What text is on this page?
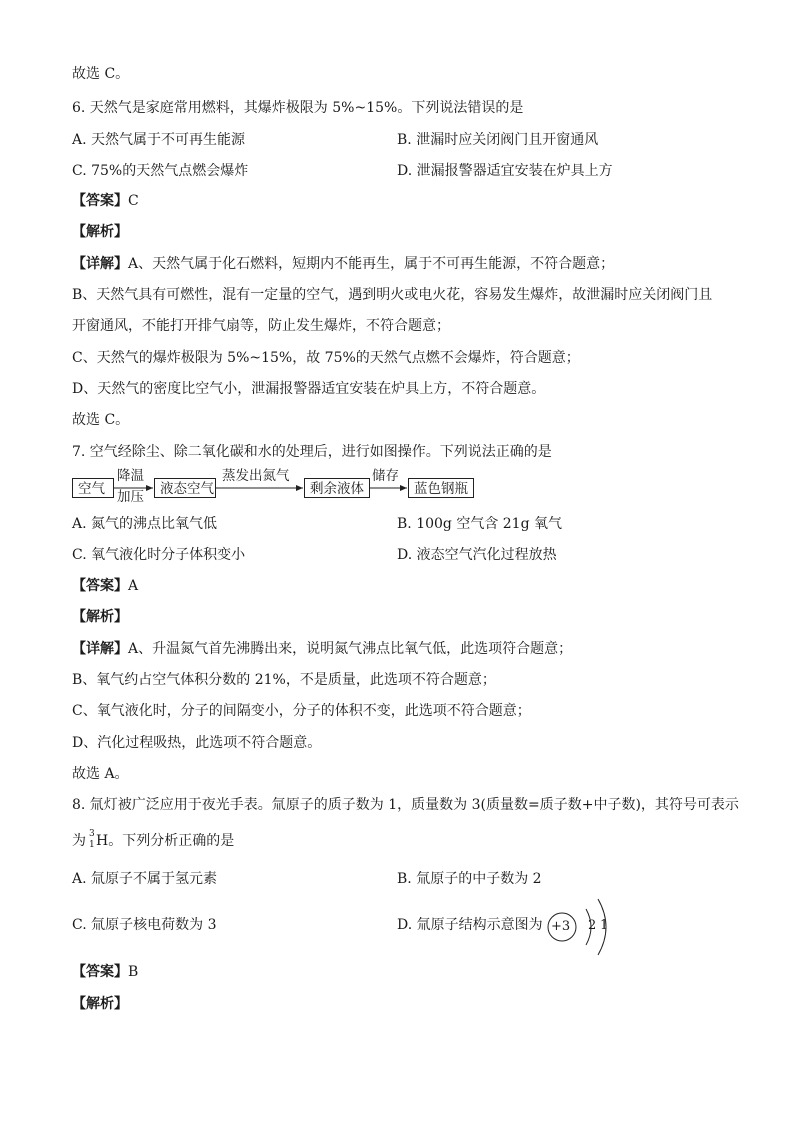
故选 C。
6. 天然气是家庭常用燃料，其爆炸极限为 5%~15%。下列说法错误的是
A. 天然气属于不可再生能源	B. 泄漏时应关闭阀门且开窗通风
C. 75%的天然气点燃会爆炸	D. 泄漏报警器适宜安装在炉具上方
【答案】C
【解析】
【详解】A、天然气属于化石燃料，短期内不能再生，属于不可再生能源，不符合题意；
B、天然气具有可燃性，混有一定量的空气，遇到明火或电火花，容易发生爆炸，故泄漏时应关闭阀门且
开窗通风，不能打开排气扇等，防止发生爆炸，不符合题意；
C、天然气的爆炸极限为 5%~15%，故 75%的天然气点燃不会爆炸，符合题意；
D、天然气的密度比空气小，泄漏报警器适宜安装在炉具上方，不符合题意。
故选 C。
7. 空气经除尘、除二氧化碳和水的处理后，进行如图操作。下列说法正确的是
空气
降温
加压	液态空气
蒸发出氮气
剩余液体
储存
蓝色钢瓶
A. 氮气的沸点比氧气低	B. 100g 空气含 21g 氧气
C. 氧气液化时分子体积变小	D. 液态空气汽化过程放热
【答案】A
【解析】
【详解】A、升温氮气首先沸腾出来，说明氮气沸点比氧气低，此选项符合题意；
B、氧气约占空气体积分数的 21%，不是质量，此选项不符合题意；
C、氧气液化时，分子的间隔变小，分子的体积不变，此选项不符合题意；
D、汽化过程吸热，此选项不符合题意。
故选 A。
8. 氚灯被广泛应用于夜光手表。氚原子的质子数为 1，质量数为 3(质量数=质子数+中子数)，其符号可表示
为 3
1 H。下列分析正确的是
A. 氚原子不属于氢元素	B. 氚原子的中子数为 2
C. 氚原子核电荷数为 3	D. 氚原子结构示意图为 +3 2 1
【答案】B
【解析】
